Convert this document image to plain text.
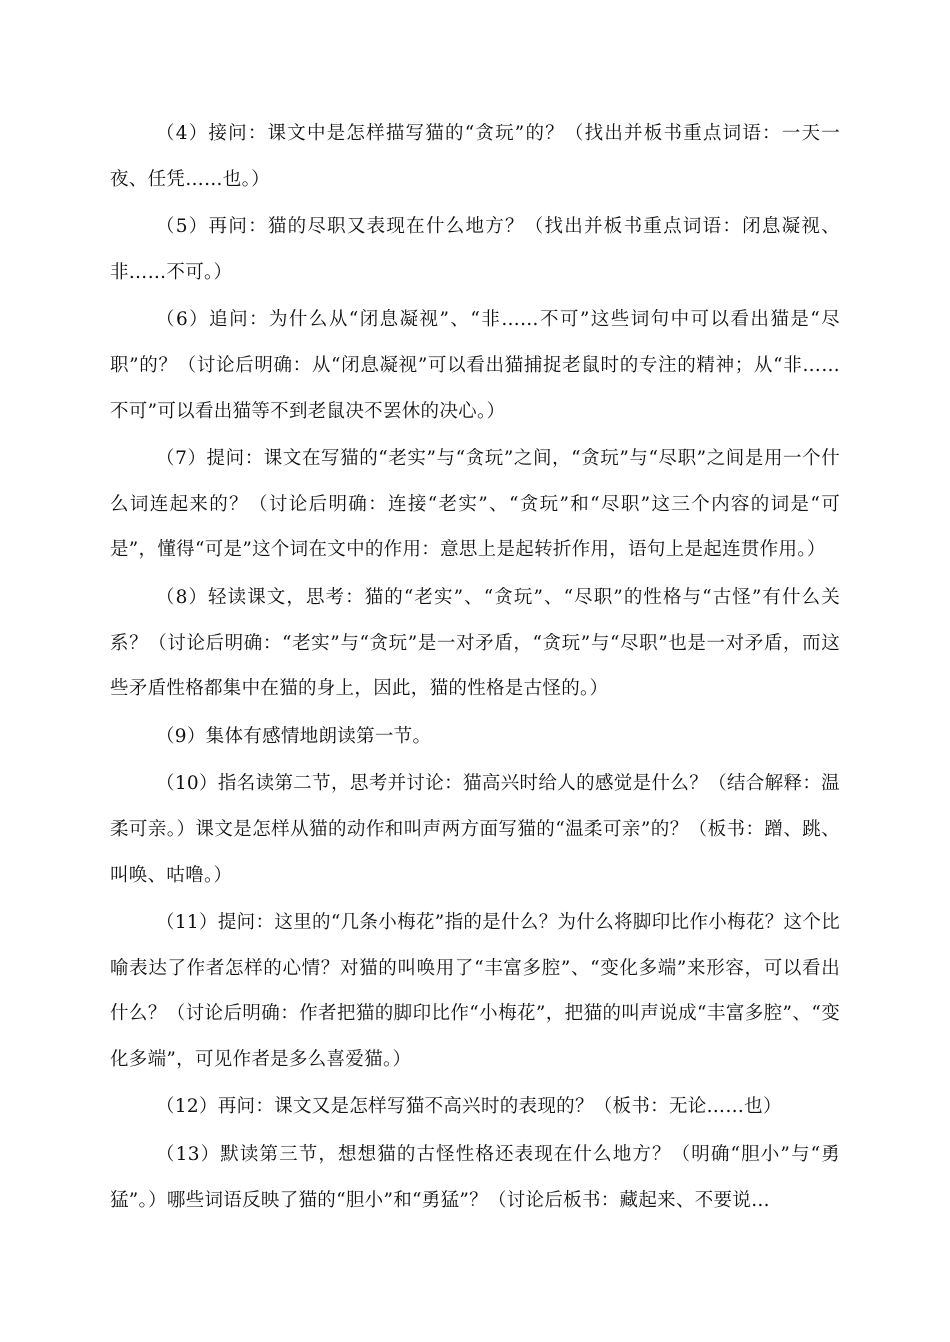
（4）接问：课文中是怎样描写猫的“贪玩”的？（找出并板书重点词语：一天一夜、任凭……也。）

（5）再问：猫的尽职又表现在什么地方？（找出并板书重点词语：闭息凝视、非……不可。）

（6）追问：为什么从“闭息凝视”、“非……不可”这些词句中可以看出猫是“尽职”的？（讨论后明确：从“闭息凝视”可以看出猫捕捉老鼠时的专注的精神；从“非……不可”可以看出猫等不到老鼠决不罢休的决心。）

（7）提问：课文在写猫的“老实”与“贪玩”之间，“贪玩”与“尽职”之间是用一个什么词连起来的？（讨论后明确：连接“老实”、“贪玩”和“尽职”这三个内容的词是“可是”，懂得“可是”这个词在文中的作用：意思上是起转折作用，语句上是起连贯作用。）

（8）轻读课文，思考：猫的“老实”、“贪玩”、“尽职”的性格与“古怪”有什么关系？（讨论后明确：“老实”与“贪玩”是一对矛盾，“贪玩”与“尽职”也是一对矛盾，而这些矛盾性格都集中在猫的身上，因此，猫的性格是古怪的。）

（9）集体有感情地朗读第一节。

（10）指名读第二节，思考并讨论：猫高兴时给人的感觉是什么？（结合解释：温柔可亲。）课文是怎样从猫的动作和叫声两方面写猫的“温柔可亲”的？（板书：蹭、跳、叫唤、咕噜。）

（11）提问：这里的“几条小梅花”指的是什么？为什么将脚印比作小梅花？这个比喻表达了作者怎样的心情？对猫的叫唤用了“丰富多腔”、“变化多端”来形容，可以看出什么？（讨论后明确：作者把猫的脚印比作“小梅花”，把猫的叫声说成“丰富多腔”、“变化多端”，可见作者是多么喜爱猫。）

（12）再问：课文又是怎样写猫不高兴时的表现的？（板书：无论……也）

（13）默读第三节，想想猫的古怪性格还表现在什么地方？（明确“胆小”与“勇猛”。）哪些词语反映了猫的“胆小”和“勇猛”？（讨论后板书：藏起来、不要说…
